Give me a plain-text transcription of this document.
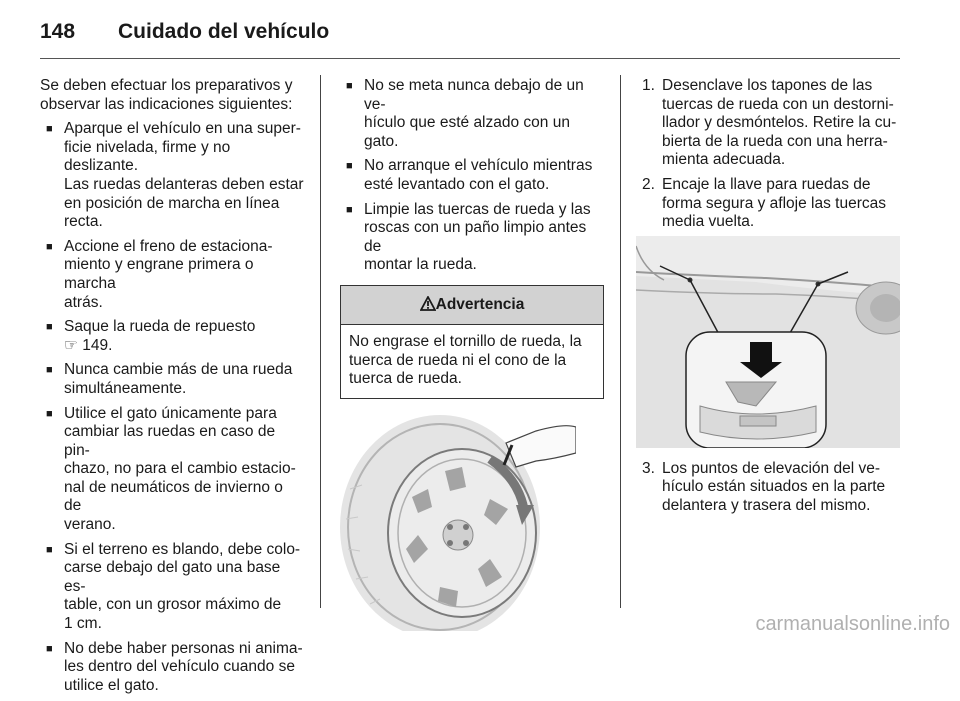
148 Cuidado del vehículo

Se deben efectuar los preparativos y
observar las indicaciones siguientes:

■ Aparque el vehículo en una super-
ficie nivelada, firme y no deslizante.
Las ruedas delanteras deben estar
en posición de marcha en línea
recta.
■ Accione el freno de estaciona-
miento y engrane primera o marcha
atrás.
■ Saque la rueda de repuesto
☞ 149.
■ Nunca cambie más de una rueda
simultáneamente.
■ Utilice el gato únicamente para
cambiar las ruedas en caso de pin-
chazo, no para el cambio estacio-
nal de neumáticos de invierno o de
verano.
■ Si el terreno es blando, debe colo-
carse debajo del gato una base es-
table, con un grosor máximo de
1 cm.
■ No debe haber personas ni anima-
les dentro del vehículo cuando se
utilice el gato.
■ No se meta nunca debajo de un ve-
hículo que esté alzado con un gato.
■ No arranque el vehículo mientras
esté levantado con el gato.
■ Limpie las tuercas de rueda y las
roscas con un paño limpio antes de
montar la rueda.
Advertencia
No engrase el tornillo de rueda, la
tuerca de rueda ni el cono de la
tuerca de rueda.
1. Desenclave los tapones de las
tuercas de rueda con un destorni-
llador y desmóntelos. Retire la cu-
bierta de la rueda con una herra-
mienta adecuada.
2. Encaje la llave para ruedas de
forma segura y afloje las tuercas
media vuelta.
3. Los puntos de elevación del ve-
hículo están situados en la parte
delantera y trasera del mismo.
carmanualsonline.info
